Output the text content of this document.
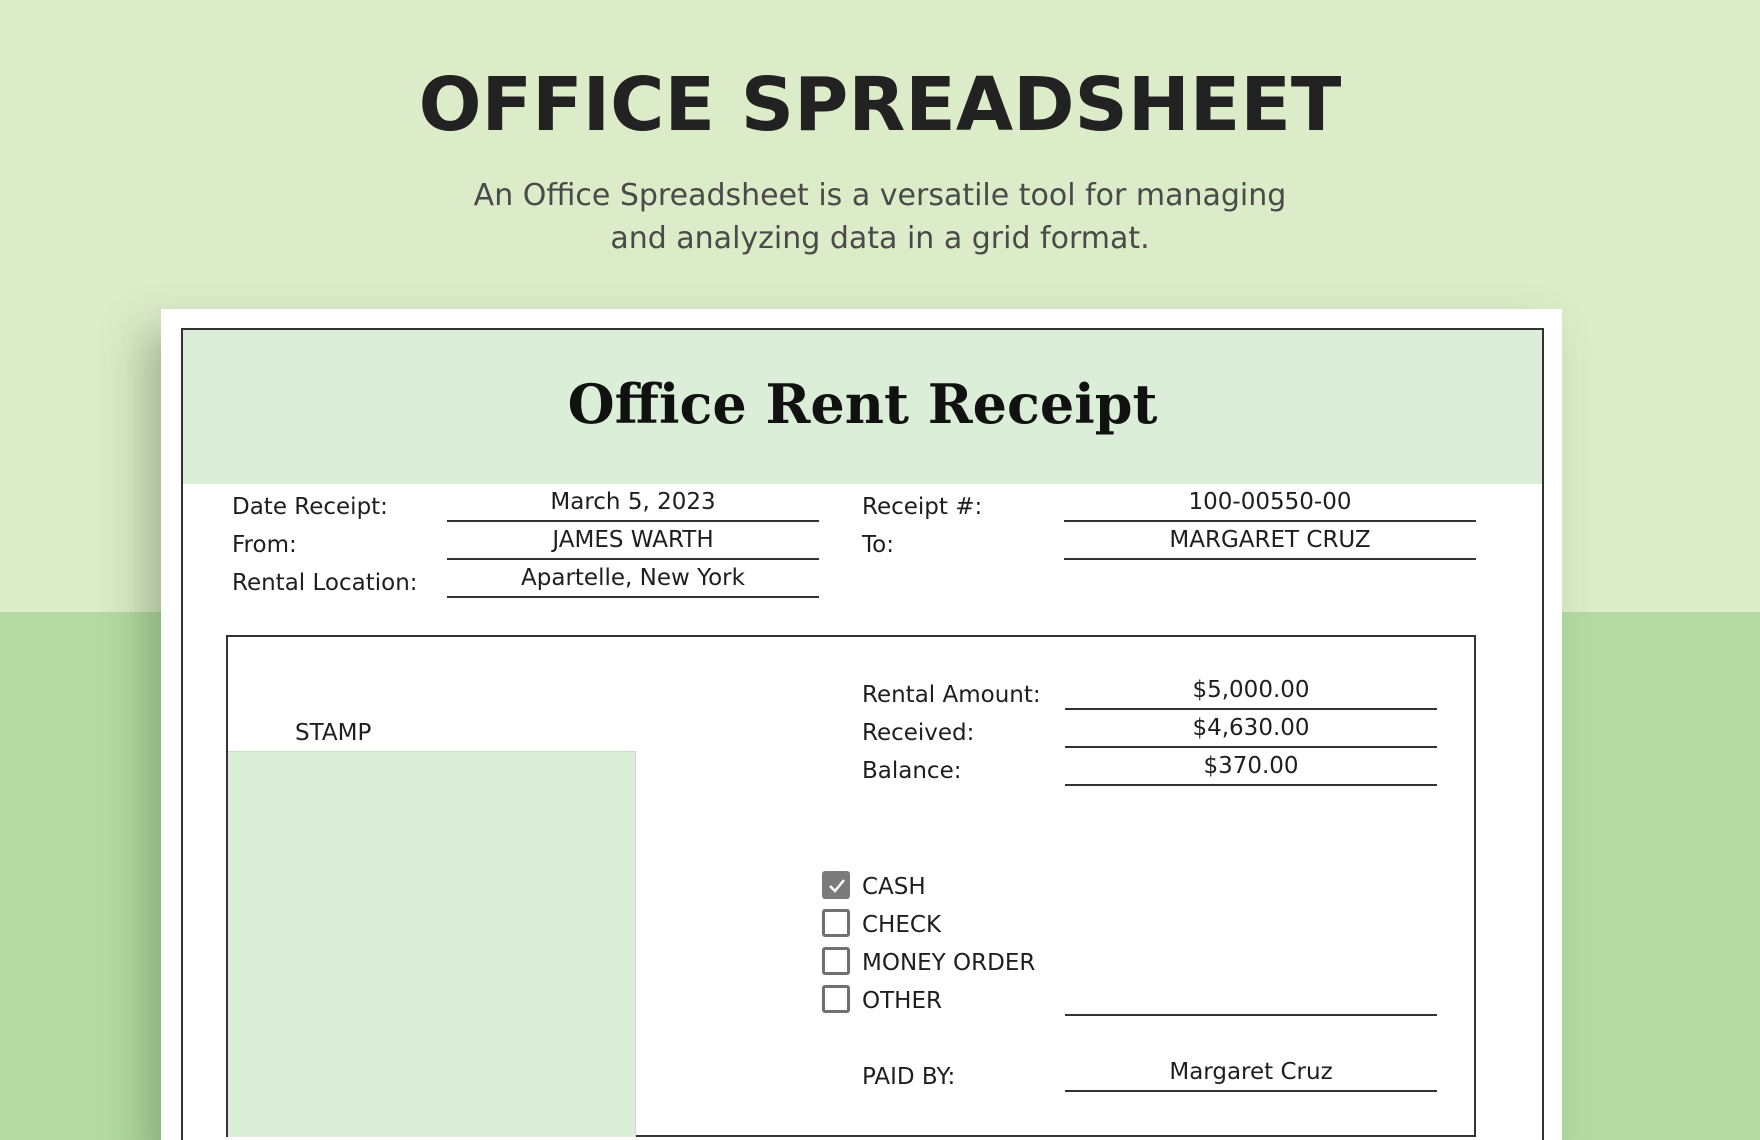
OFFICE SPREADSHEET
An Office Spreadsheet is a versatile tool for managing
and analyzing data in a grid format.
Office Rent Receipt
Date Receipt:	March 5, 2023	Receipt #:	100-00550-00
From:	JAMES WARTH	To:	MARGARET CRUZ
Rental Location:	Apartelle, New York
STAMP
Rental Amount:	$5,000.00
Received:	$4,630.00
Balance:	$370.00
CASH
CHECK
MONEY ORDER
OTHER
PAID BY:	Margaret Cruz
